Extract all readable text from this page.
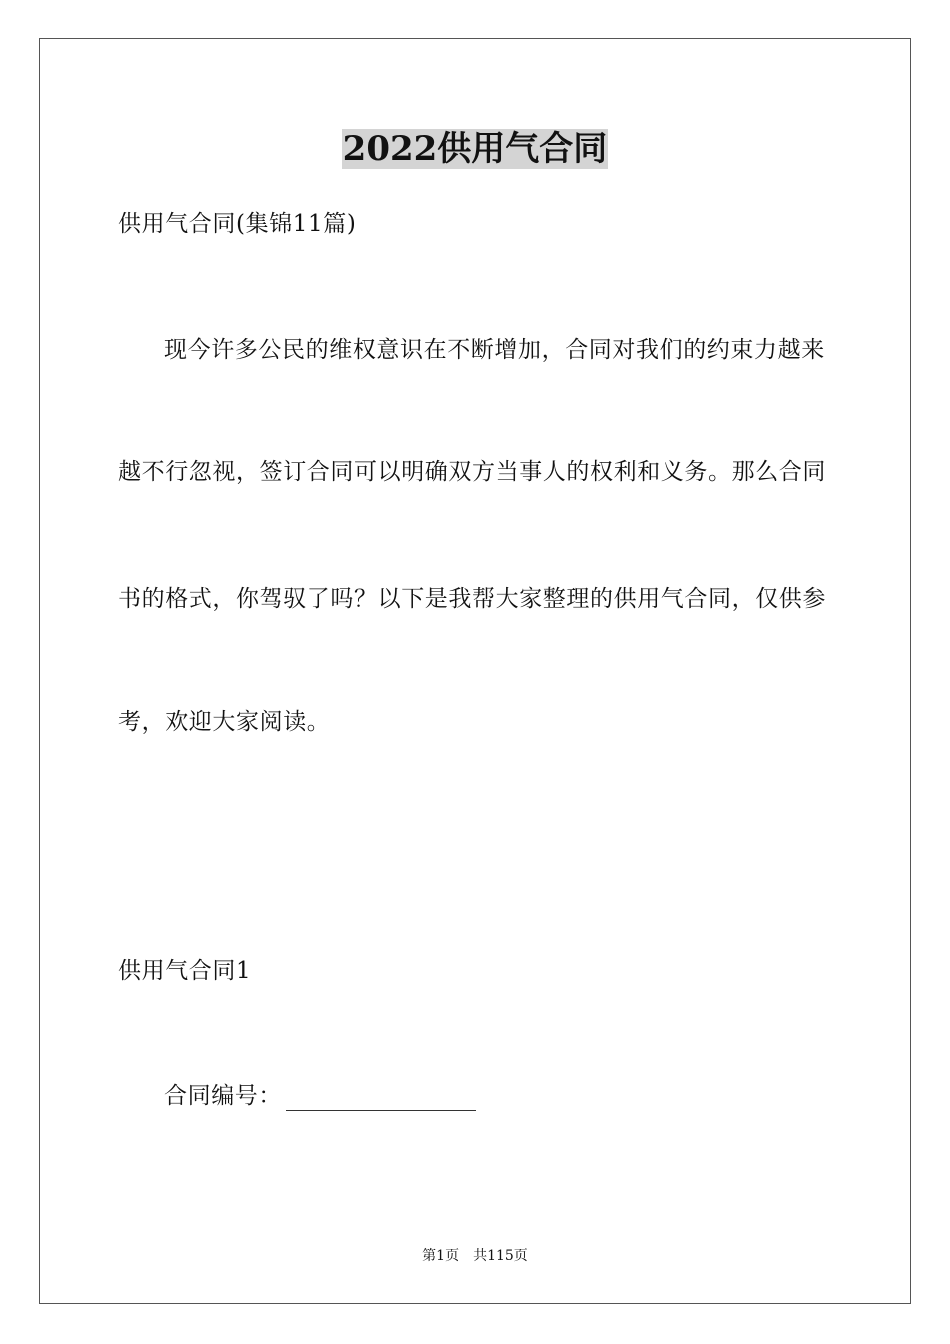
2022供用气合同
供用气合同(集锦11篇)
现今许多公民的维权意识在不断增加，合同对我们的约束力越来
越不行忽视，签订合同可以明确双方当事人的权利和义务。那么合同
书的格式，你驾驭了吗？以下是我帮大家整理的供用气合同，仅供参
考，欢迎大家阅读。
供用气合同1
合同编号：
第1页　共115页
